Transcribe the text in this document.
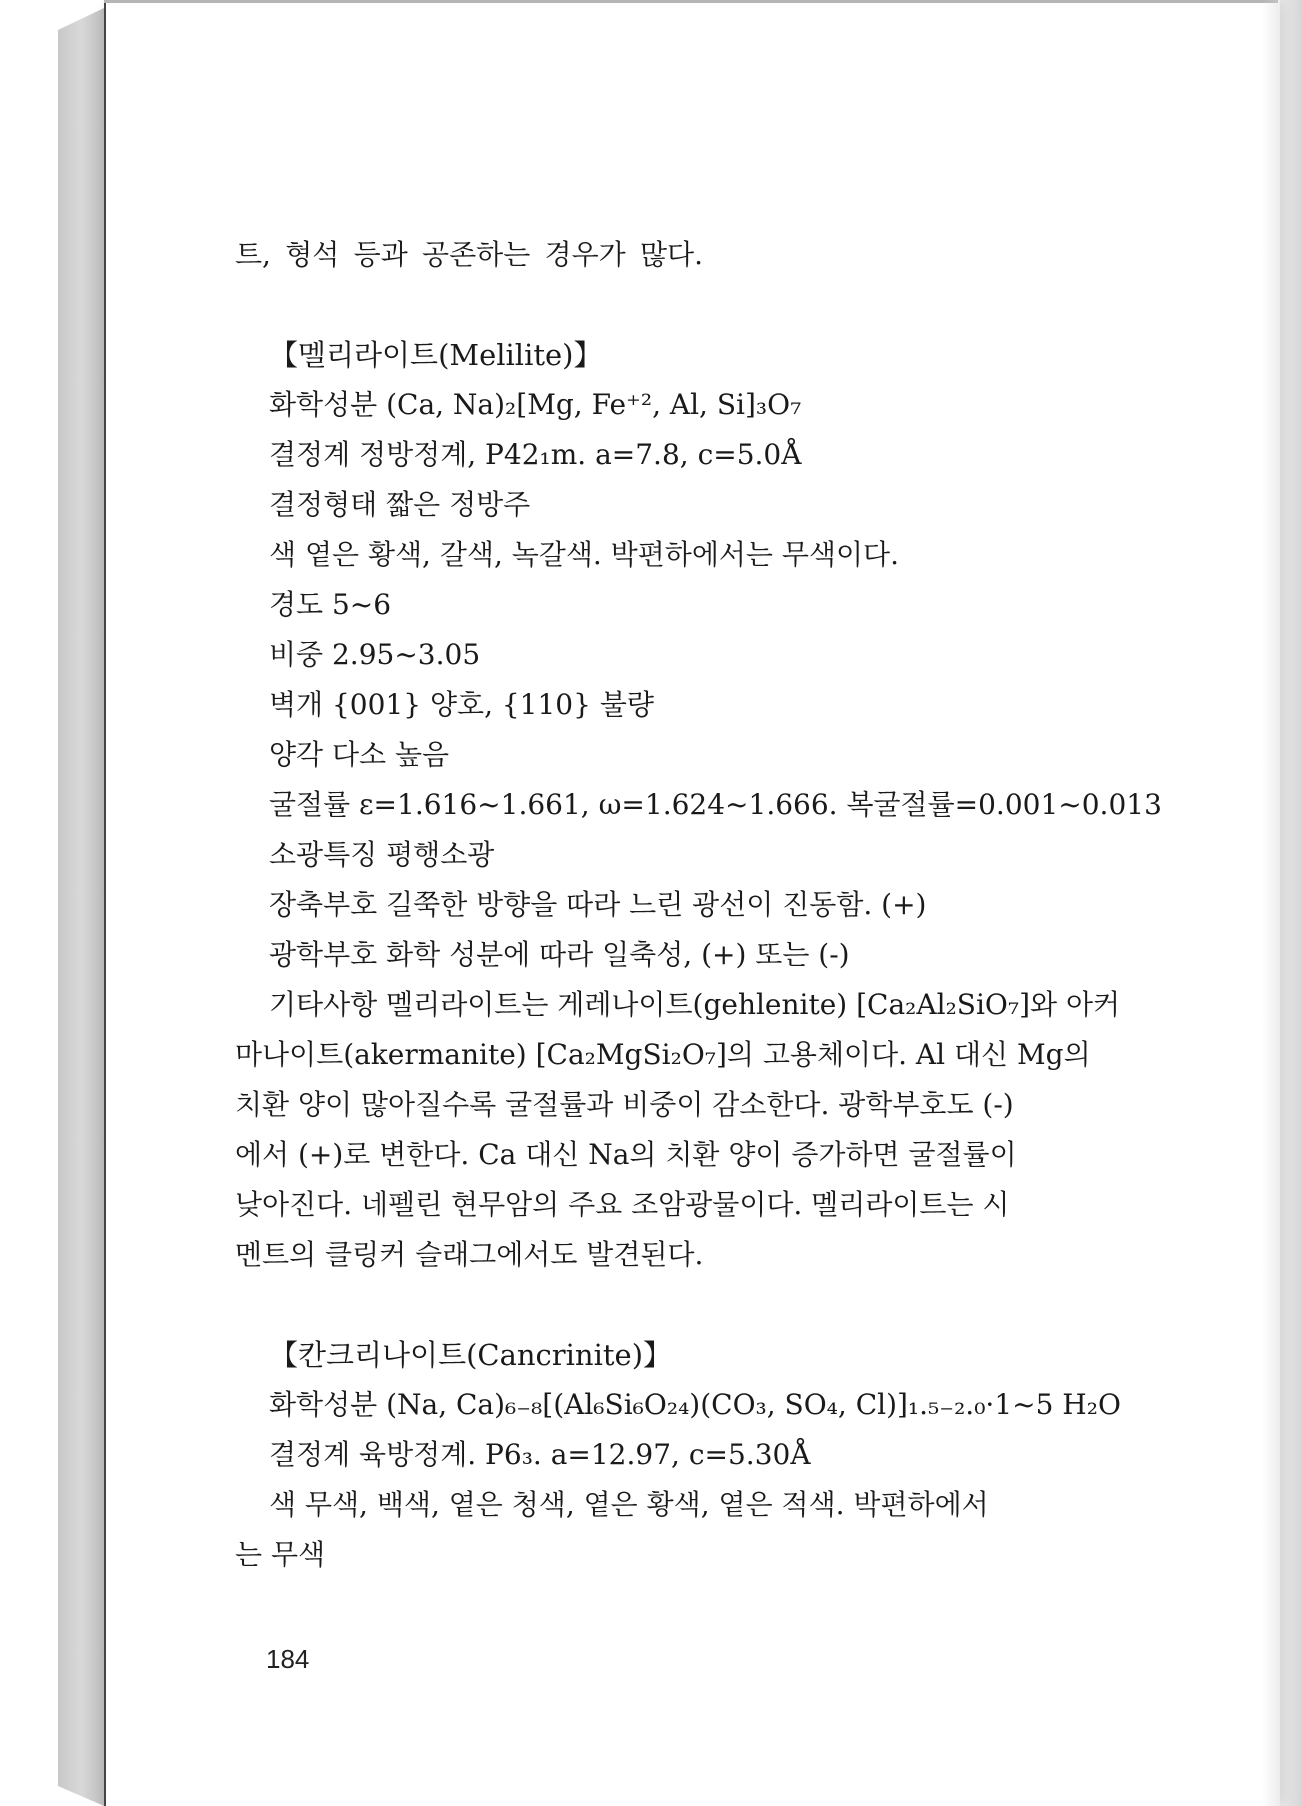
트, 형석 등과 공존하는 경우가 많다.
【멜리라이트(Melilite)】
화학성분 (Ca, Na)₂[Mg, Fe⁺², Al, Si]₃O₇
결정계 정방정계, P42₁m. a=7.8, c=5.0Å
결정형태 짧은 정방주
색 옅은 황색, 갈색, 녹갈색. 박편하에서는 무색이다.
경도 5~6
비중 2.95~3.05
벽개 {001} 양호, {110} 불량
양각 다소 높음
굴절률 ε=1.616~1.661, ω=1.624~1.666. 복굴절률=0.001~0.013
소광특징 평행소광
장축부호 길쭉한 방향을 따라 느린 광선이 진동함. (+)
광학부호 화학 성분에 따라 일축성, (+) 또는 (-)
기타사항 멜리라이트는 게레나이트(gehlenite) [Ca₂Al₂SiO₇]와 아커
마나이트(akermanite) [Ca₂MgSi₂O₇]의 고용체이다. Al 대신 Mg의
치환 양이 많아질수록 굴절률과 비중이 감소한다. 광학부호도 (-)
에서 (+)로 변한다. Ca 대신 Na의 치환 양이 증가하면 굴절률이
낮아진다. 네펠린 현무암의 주요 조암광물이다. 멜리라이트는 시
멘트의 클링커 슬래그에서도 발견된다.
【칸크리나이트(Cancrinite)】
화학성분 (Na, Ca)₆₋₈[(Al₆Si₆O₂₄)(CO₃, SO₄, Cl)]₁.₅₋₂.₀·1~5 H₂O
결정계 육방정계. P6₃. a=12.97, c=5.30Å
색 무색, 백색, 옅은 청색, 옅은 황색, 옅은 적색. 박편하에서
는 무색
184
